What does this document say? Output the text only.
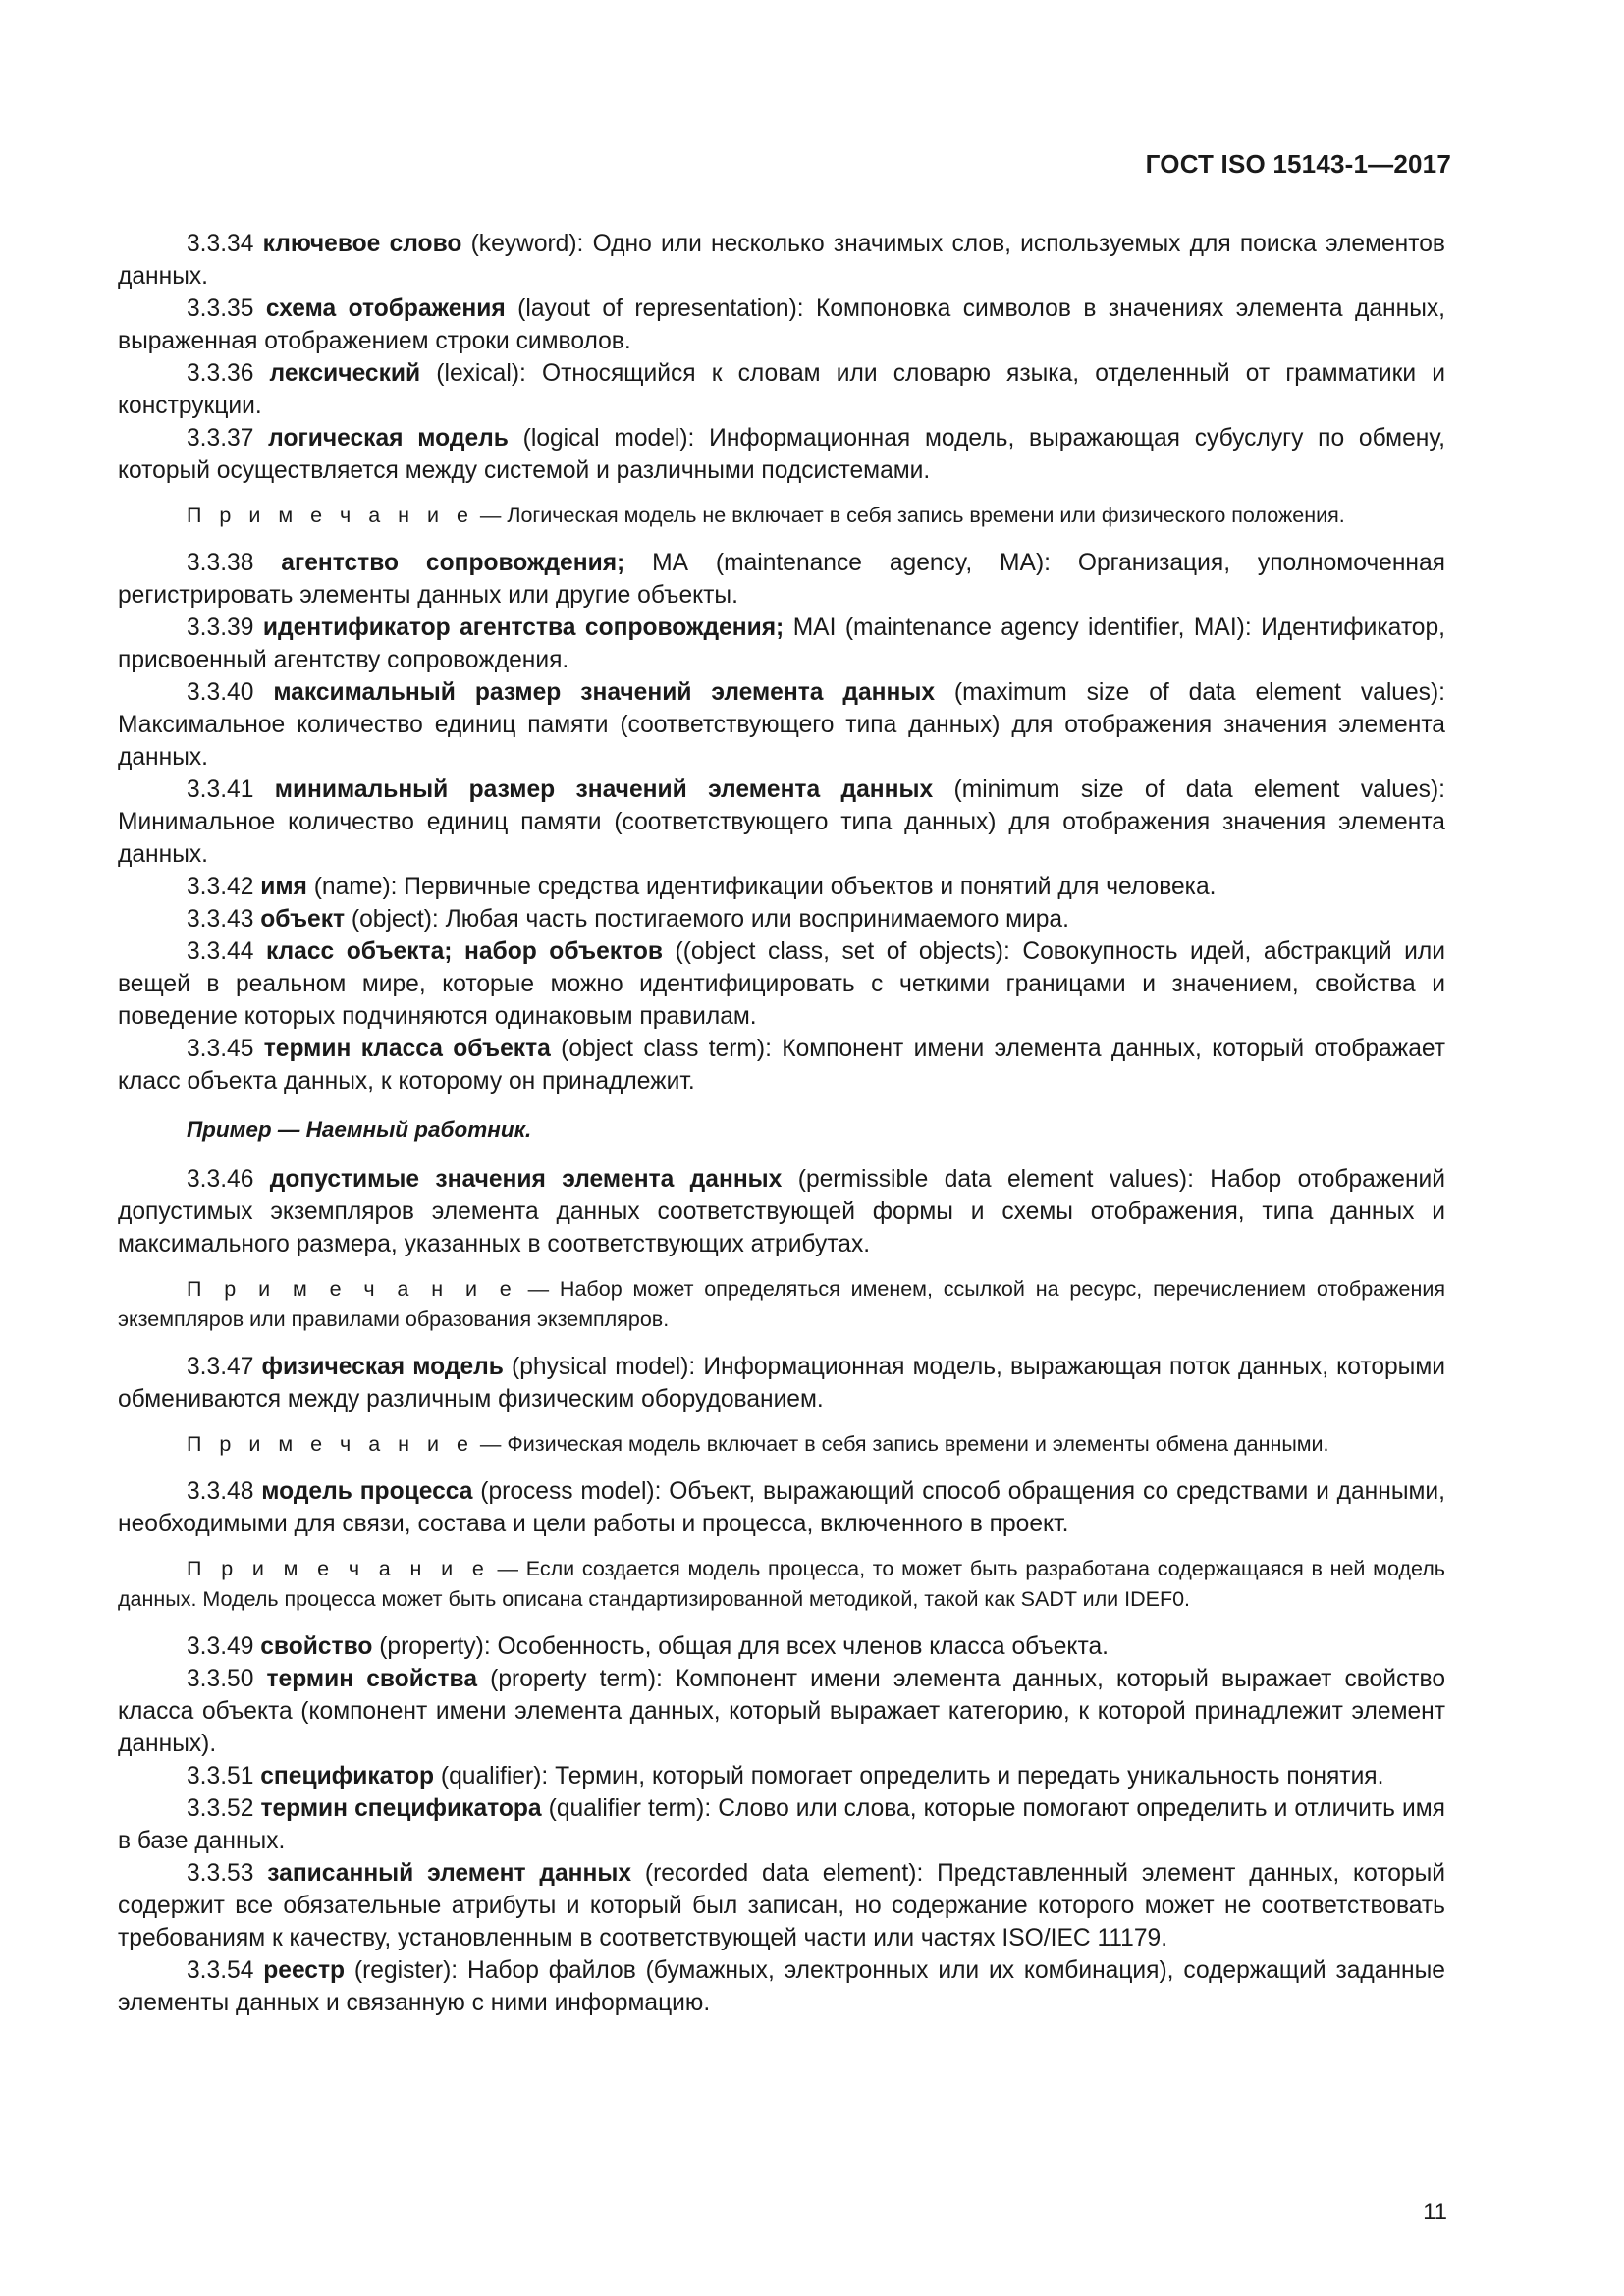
ГОСТ ISO 15143-1—2017

3.3.34 ключевое слово (keyword): Одно или несколько значимых слов, используемых для поиска элементов данных.

3.3.35 схема отображения (layout of representation): Компоновка символов в значениях элемента данных, выраженная отображением строки символов.

3.3.36 лексический (lexical): Относящийся к словам или словарю языка, отделенный от грамматики и конструкции.

3.3.37 логическая модель (logical model): Информационная модель, выражающая субуслугу по обмену, который осуществляется между системой и различными подсистемами.

П р и м е ч а н и е — Логическая модель не включает в себя запись времени или физического положения.

3.3.38 агентство сопровождения; МА (maintenance agency, MA): Организация, уполномоченная регистрировать элементы данных или другие объекты.

3.3.39 идентификатор агентства сопровождения; MAI (maintenance agency identifier, MAI): Идентификатор, присвоенный агентству сопровождения.

3.3.40 максимальный размер значений элемента данных (maximum size of data element values): Максимальное количество единиц памяти (соответствующего типа данных) для отображения значения элемента данных.

3.3.41 минимальный размер значений элемента данных (minimum size of data element values): Минимальное количество единиц памяти (соответствующего типа данных) для отображения значения элемента данных.

3.3.42 имя (name): Первичные средства идентификации объектов и понятий для человека.

3.3.43 объект (object): Любая часть постигаемого или воспринимаемого мира.

3.3.44 класс объекта; набор объектов ((object class, set of objects): Совокупность идей, абстракций или вещей в реальном мире, которые можно идентифицировать с четкими границами и значением, свойства и поведение которых подчиняются одинаковым правилам.

3.3.45 термин класса объекта (object class term): Компонент имени элемента данных, который отображает класс объекта данных, к которому он принадлежит.

Пример — Наемный работник.

3.3.46 допустимые значения элемента данных (permissible data element values): Набор отображений допустимых экземпляров элемента данных соответствующей формы и схемы отображения, типа данных и максимального размера, указанных в соответствующих атрибутах.

П р и м е ч а н и е — Набор может определяться именем, ссылкой на ресурс, перечислением отображения экземпляров или правилами образования экземпляров.

3.3.47 физическая модель (physical model): Информационная модель, выражающая поток данных, которыми обмениваются между различным физическим оборудованием.

П р и м е ч а н и е — Физическая модель включает в себя запись времени и элементы обмена данными.

3.3.48 модель процесса (process model): Объект, выражающий способ обращения со средствами и данными, необходимыми для связи, состава и цели работы и процесса, включенного в проект.

П р и м е ч а н и е — Если создается модель процесса, то может быть разработана содержащаяся в ней модель данных. Модель процесса может быть описана стандартизированной методикой, такой как SADT или IDEF0.

3.3.49 свойство (property): Особенность, общая для всех членов класса объекта.

3.3.50 термин свойства (property term): Компонент имени элемента данных, который выражает свойство класса объекта (компонент имени элемента данных, который выражает категорию, к которой принадлежит элемент данных).

3.3.51 спецификатор (qualifier): Термин, который помогает определить и передать уникальность понятия.

3.3.52 термин спецификатора (qualifier term): Слово или слова, которые помогают определить и отличить имя в базе данных.

3.3.53 записанный элемент данных (recorded data element): Представленный элемент данных, который содержит все обязательные атрибуты и который был записан, но содержание которого может не соответствовать требованиям к качеству, установленным в соответствующей части или частях ISO/IEC 11179.

3.3.54 реестр (register): Набор файлов (бумажных, электронных или их комбинация), содержащий заданные элементы данных и связанную с ними информацию.

11
